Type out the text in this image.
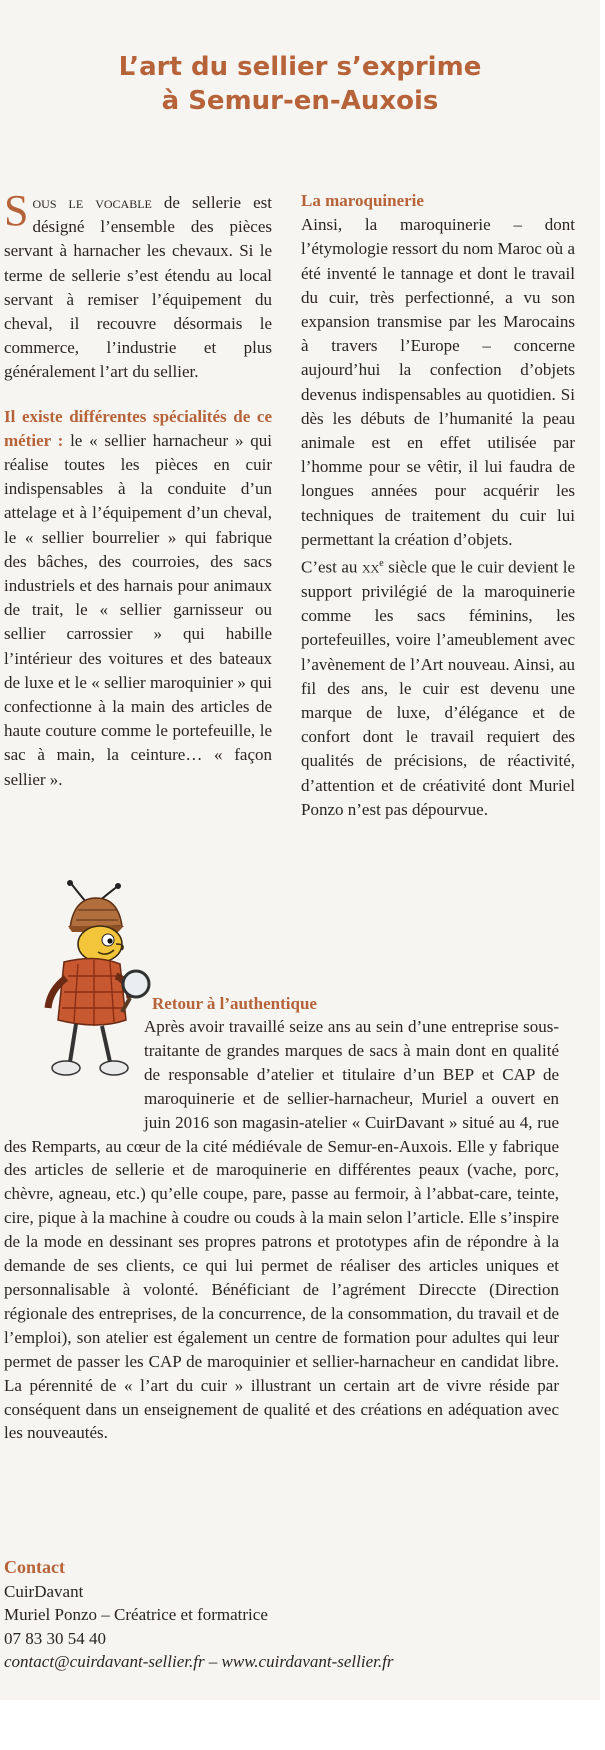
L’art du sellier s’exprime
à Semur-en-Auxois

Sous le vocable de sellerie est désigné l’ensemble des pièces servant à harnacher les chevaux. Si le terme de sellerie s’est étendu au local servant à remiser l’équipement du cheval, il recouvre désormais le commerce, l’industrie et plus généralement l’art du sellier.

Il existe différentes spécialités de ce métier : le « sellier harnacheur » qui réalise toutes les pièces en cuir indispensables à la conduite d’un attelage et à l’équipement d’un cheval, le « sellier bourrelier » qui fabrique des bâches, des courroies, des sacs industriels et des harnais pour animaux de trait, le « sellier garnisseur ou sellier carrossier » qui habille l’intérieur des voitures et des bateaux de luxe et le « sellier maroquinier » qui confectionne à la main des articles de haute couture comme le portefeuille, le sac à main, la ceinture… « façon sellier ».

La maroquinerie

Ainsi, la maroquinerie – dont l’étymologie ressort du nom Maroc où a été inventé le tannage et dont le travail du cuir, très perfectionné, a vu son expansion transmise par les Marocains à travers l’Europe – concerne aujourd’hui la confection d’objets devenus indispensables au quotidien. Si dès les débuts de l’humanité la peau animale est en effet utilisée par l’homme pour se vêtir, il lui faudra de longues années pour acquérir les techniques de traitement du cuir lui permettant la création d’objets.

C’est au $xx^e$ siècle que le cuir devient le support privilégié de la maroquinerie comme les sacs féminins, les portefeuilles, voire l’ameublement avec l’avènement de l’Art nouveau. Ainsi, au fil des ans, le cuir est devenu une marque de luxe, d’élégance et de confort dont le travail requiert des qualités de précisions, de réactivité, d’attention et de créativité dont Muriel Ponzo n’est pas dépourvue.

Retour à l’authentique

Après avoir travaillé seize ans au sein d’une entreprise sous-traitante de grandes marques de sacs à main dont en qualité de responsable d’atelier et titulaire d’un BEP et CAP de maroquinerie et de sellier-harnacheur, Muriel a ouvert en juin 2016 son magasin-atelier « CuirDavant » situé au 4, rue des Remparts, au cœur de la cité médiévale de Semur-en-Auxois. Elle y fabrique des articles de sellerie et de maroquinerie en différentes peaux (vache, porc, chèvre, agneau, etc.) qu’elle coupe, pare, passe au fermoir, à l’abbat-care, teinte, cire, pique à la machine à coudre ou couds à la main selon l’article. Elle s’inspire de la mode en dessinant ses propres patrons et prototypes afin de répondre à la demande de ses clients, ce qui lui permet de réaliser des articles uniques et personnalisable à volonté. Bénéficiant de l’agrément Direccte (Direction régionale des entreprises, de la concurrence, de la consommation, du travail et de l’emploi), son atelier est également un centre de formation pour adultes qui leur permet de passer les CAP de maroquinier et sellier-harnacheur en candidat libre. La pérennité de « l’art du cuir » illustrant un certain art de vivre réside par conséquent dans un enseignement de qualité et des créations en adéquation avec les nouveautés.

Contact
CuirDavant
Muriel Ponzo – Créatrice et formatrice
07 83 30 54 40
contact@cuirdavant-sellier.fr – www.cuirdavant-sellier.fr
